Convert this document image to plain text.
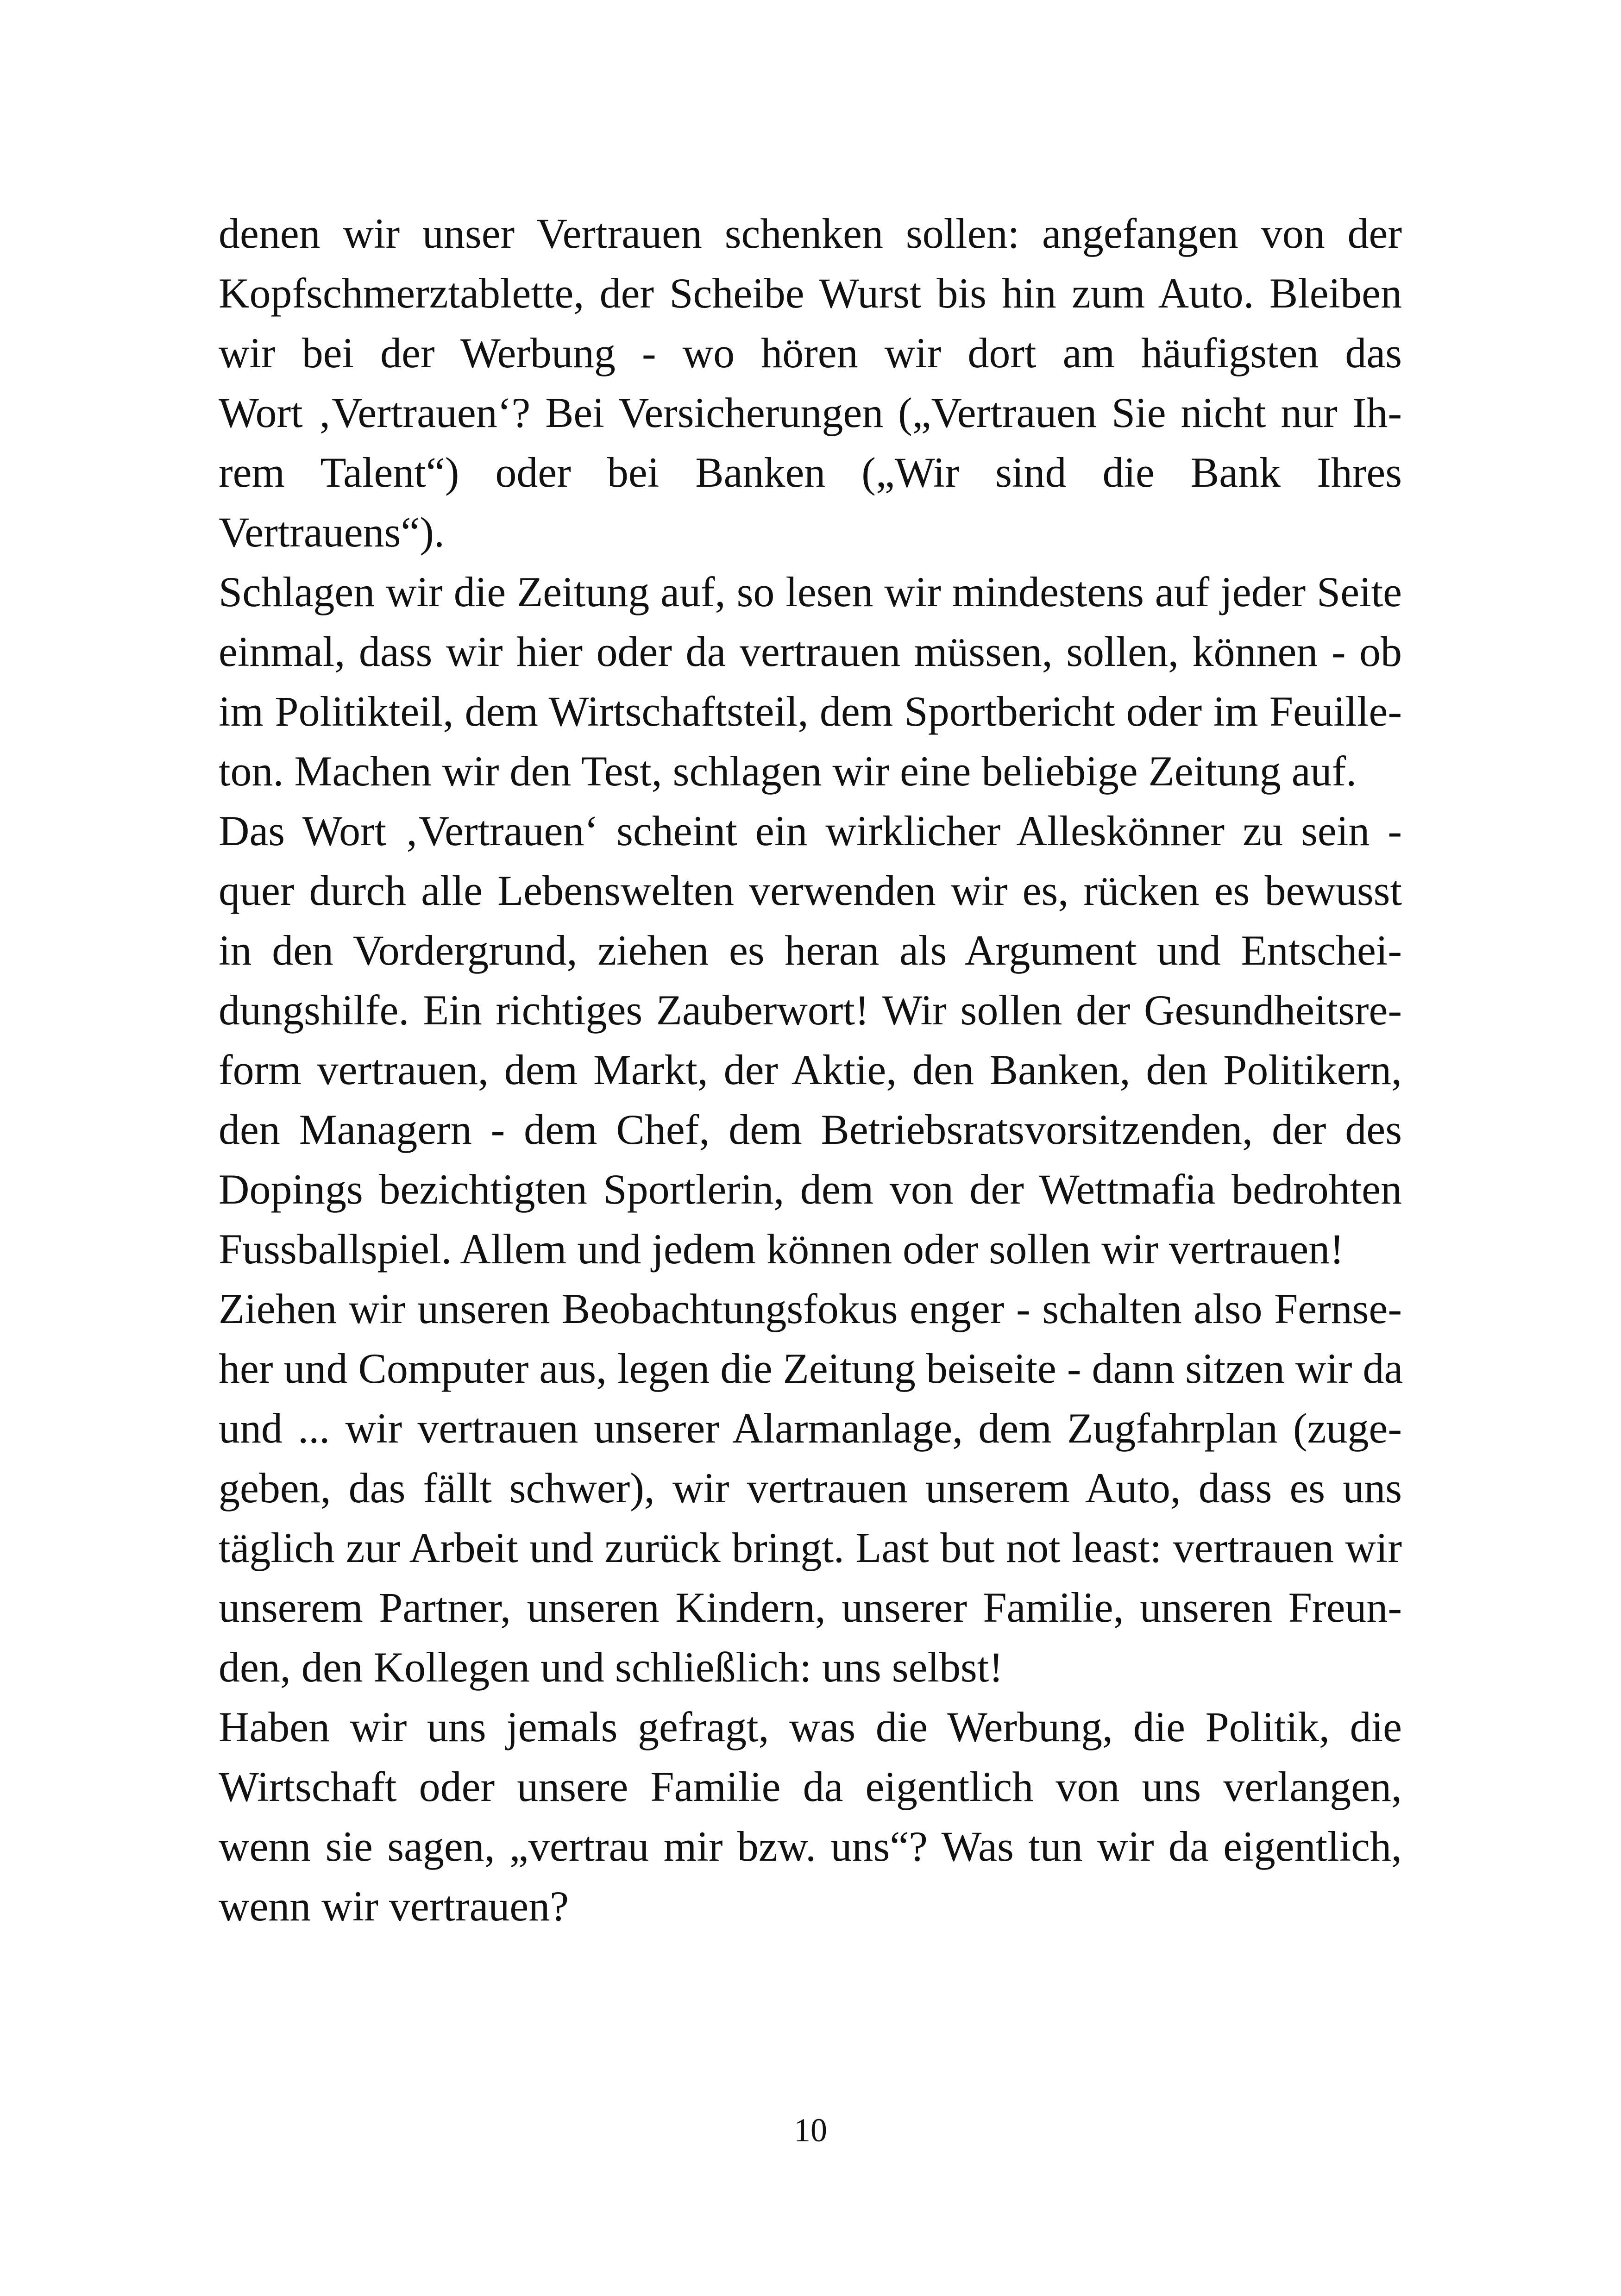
denen wir unser Vertrauen schenken sollen: angefangen von der
Kopfschmerztablette, der Scheibe Wurst bis hin zum Auto. Bleiben
wir bei der Werbung - wo hören wir dort am häufigsten das
Wort ‚Vertrauen‘? Bei Versicherungen („Vertrauen Sie nicht nur Ih-
rem Talent“) oder bei Banken („Wir sind die Bank Ihres
Vertrauens“).
Schlagen wir die Zeitung auf, so lesen wir mindestens auf jeder Seite
einmal, dass wir hier oder da vertrauen müssen, sollen, können - ob
im Politikteil, dem Wirtschaftsteil, dem Sportbericht oder im Feuille-
ton. Machen wir den Test, schlagen wir eine beliebige Zeitung auf.
Das Wort ‚Vertrauen‘ scheint ein wirklicher Alleskönner zu sein -
quer durch alle Lebenswelten verwenden wir es, rücken es bewusst
in den Vordergrund, ziehen es heran als Argument und Entschei-
dungshilfe. Ein richtiges Zauberwort! Wir sollen der Gesundheitsre-
form vertrauen, dem Markt, der Aktie, den Banken, den Politikern,
den Managern - dem Chef, dem Betriebsratsvorsitzenden, der des
Dopings bezichtigten Sportlerin, dem von der Wettmafia bedrohten
Fussballspiel. Allem und jedem können oder sollen wir vertrauen!
Ziehen wir unseren Beobachtungsfokus enger - schalten also Fernse-
her und Computer aus, legen die Zeitung beiseite - dann sitzen wir da
und ... wir vertrauen unserer Alarmanlage, dem Zugfahrplan (zuge-
geben, das fällt schwer), wir vertrauen unserem Auto, dass es uns
täglich zur Arbeit und zurück bringt. Last but not least: vertrauen wir
unserem Partner, unseren Kindern, unserer Familie, unseren Freun-
den, den Kollegen und schließlich: uns selbst!
Haben wir uns jemals gefragt, was die Werbung, die Politik, die
Wirtschaft oder unsere Familie da eigentlich von uns verlangen,
wenn sie sagen, „vertrau mir bzw. uns“? Was tun wir da eigentlich,
wenn wir vertrauen?
10
